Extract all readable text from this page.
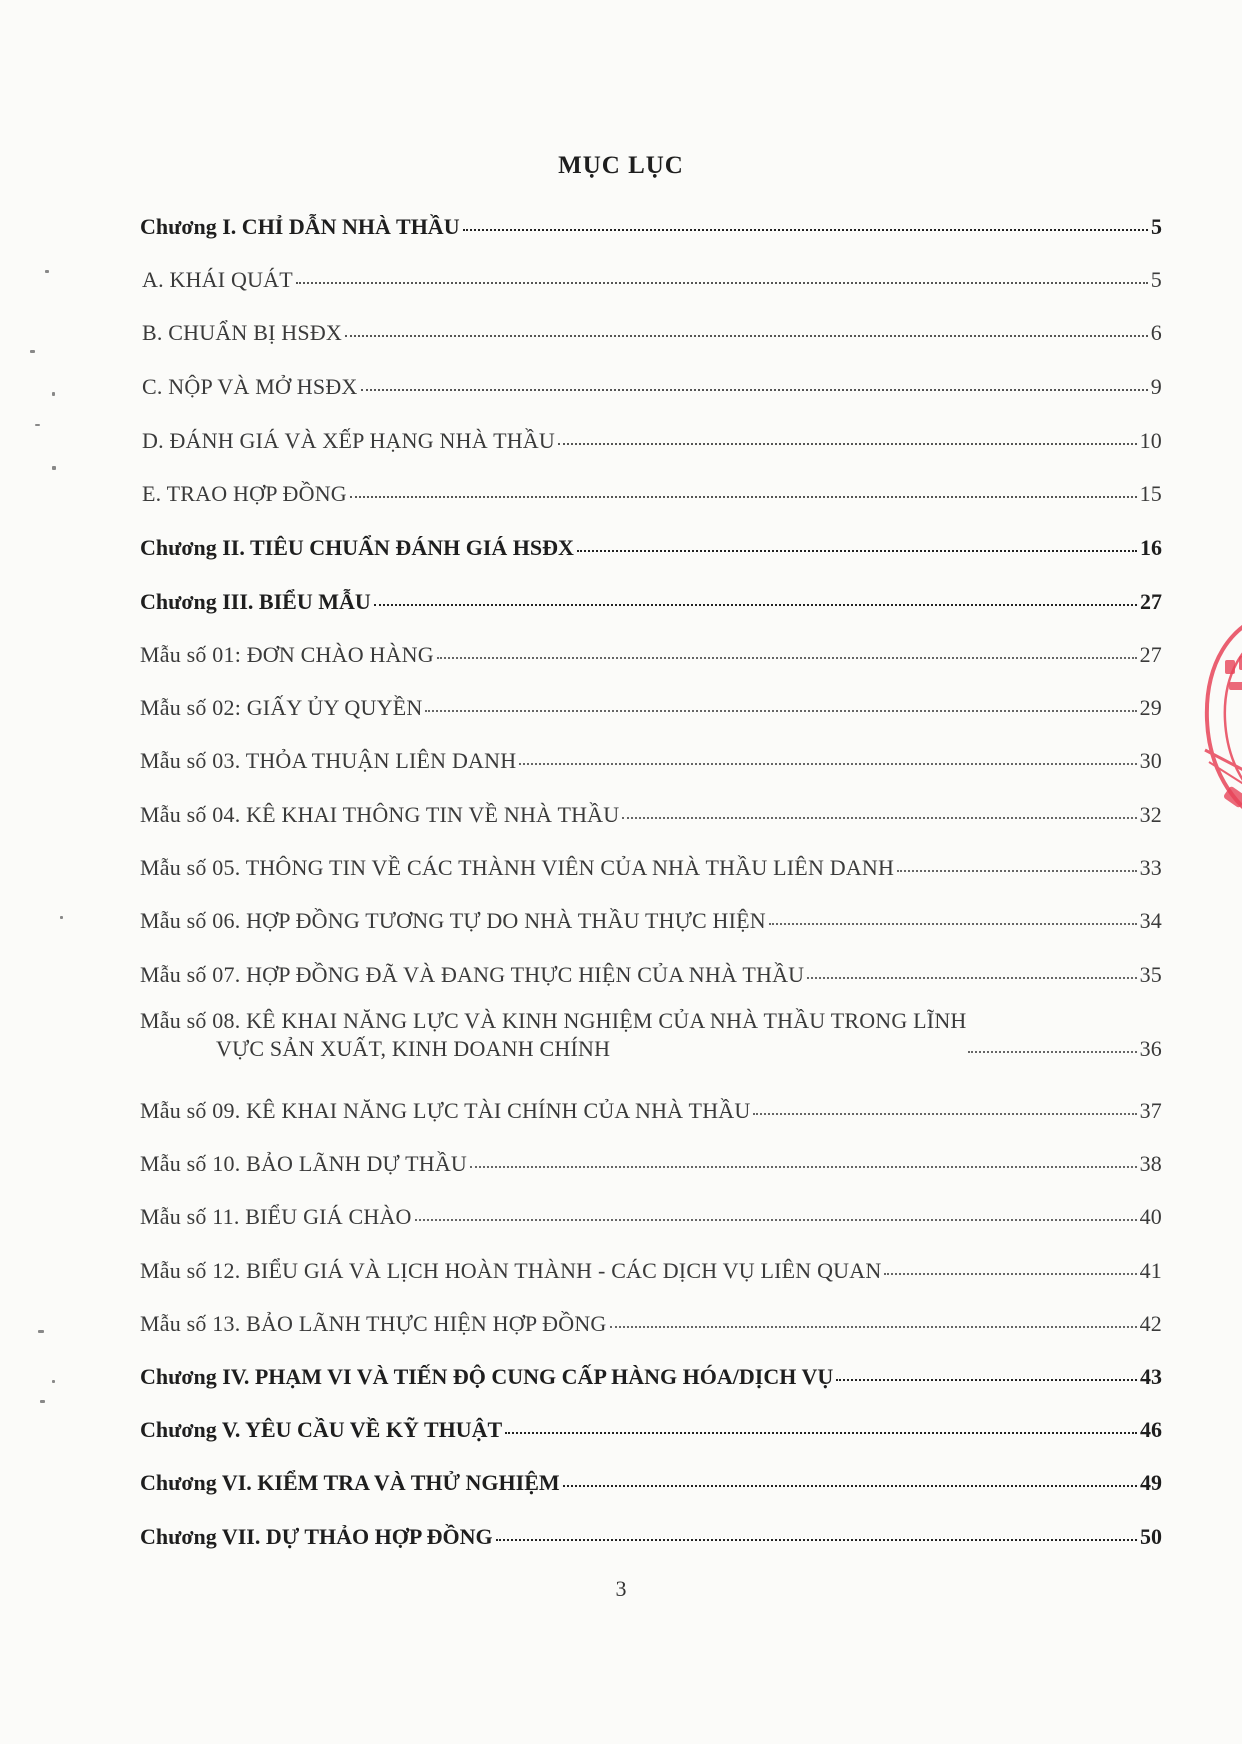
MỤC LỤC
Chương I. CHỈ DẪN NHÀ THẦU	5
A. KHÁI QUÁT	5
B. CHUẨN BỊ HSĐX	6
C. NỘP VÀ MỞ HSĐX	9
D. ĐÁNH GIÁ VÀ XẾP HẠNG NHÀ THẦU	10
E. TRAO HỢP ĐỒNG	15
Chương II. TIÊU CHUẨN ĐÁNH GIÁ HSĐX	16
Chương III. BIỂU MẪU	27
Mẫu số 01: ĐƠN CHÀO HÀNG	27
Mẫu số 02: GIẤY ỦY QUYỀN	29
Mẫu số 03. THỎA THUẬN LIÊN DANH	30
Mẫu số 04. KÊ KHAI THÔNG TIN VỀ NHÀ THẦU	32
Mẫu số 05. THÔNG TIN VỀ CÁC THÀNH VIÊN CỦA NHÀ THẦU LIÊN DANH	33
Mẫu số 06. HỢP ĐỒNG TƯƠNG TỰ DO NHÀ THẦU THỰC HIỆN	34
Mẫu số 07. HỢP ĐỒNG ĐÃ VÀ ĐANG THỰC HIỆN CỦA NHÀ THẦU	35
Mẫu số 08. KÊ KHAI NĂNG LỰC VÀ KINH NGHIỆM CỦA NHÀ THẦU TRONG LĨNH
VỰC SẢN XUẤT, KINH DOANH CHÍNH	36
Mẫu số 09. KÊ KHAI NĂNG LỰC TÀI CHÍNH CỦA NHÀ THẦU	37
Mẫu số 10. BẢO LÃNH DỰ THẦU	38
Mẫu số 11. BIỂU GIÁ CHÀO	40
Mẫu số 12. BIỂU GIÁ VÀ LỊCH HOÀN THÀNH - CÁC DỊCH VỤ LIÊN QUAN	41
Mẫu số 13. BẢO LÃNH THỰC HIỆN HỢP ĐỒNG	42
Chương IV. PHẠM VI VÀ TIẾN ĐỘ CUNG CẤP HÀNG HÓA/DỊCH VỤ	43
Chương V. YÊU CẦU VỀ KỸ THUẬT	46
Chương VI. KIỂM TRA VÀ THỬ NGHIỆM	49
Chương VII. DỰ THẢO HỢP ĐỒNG	50
3
